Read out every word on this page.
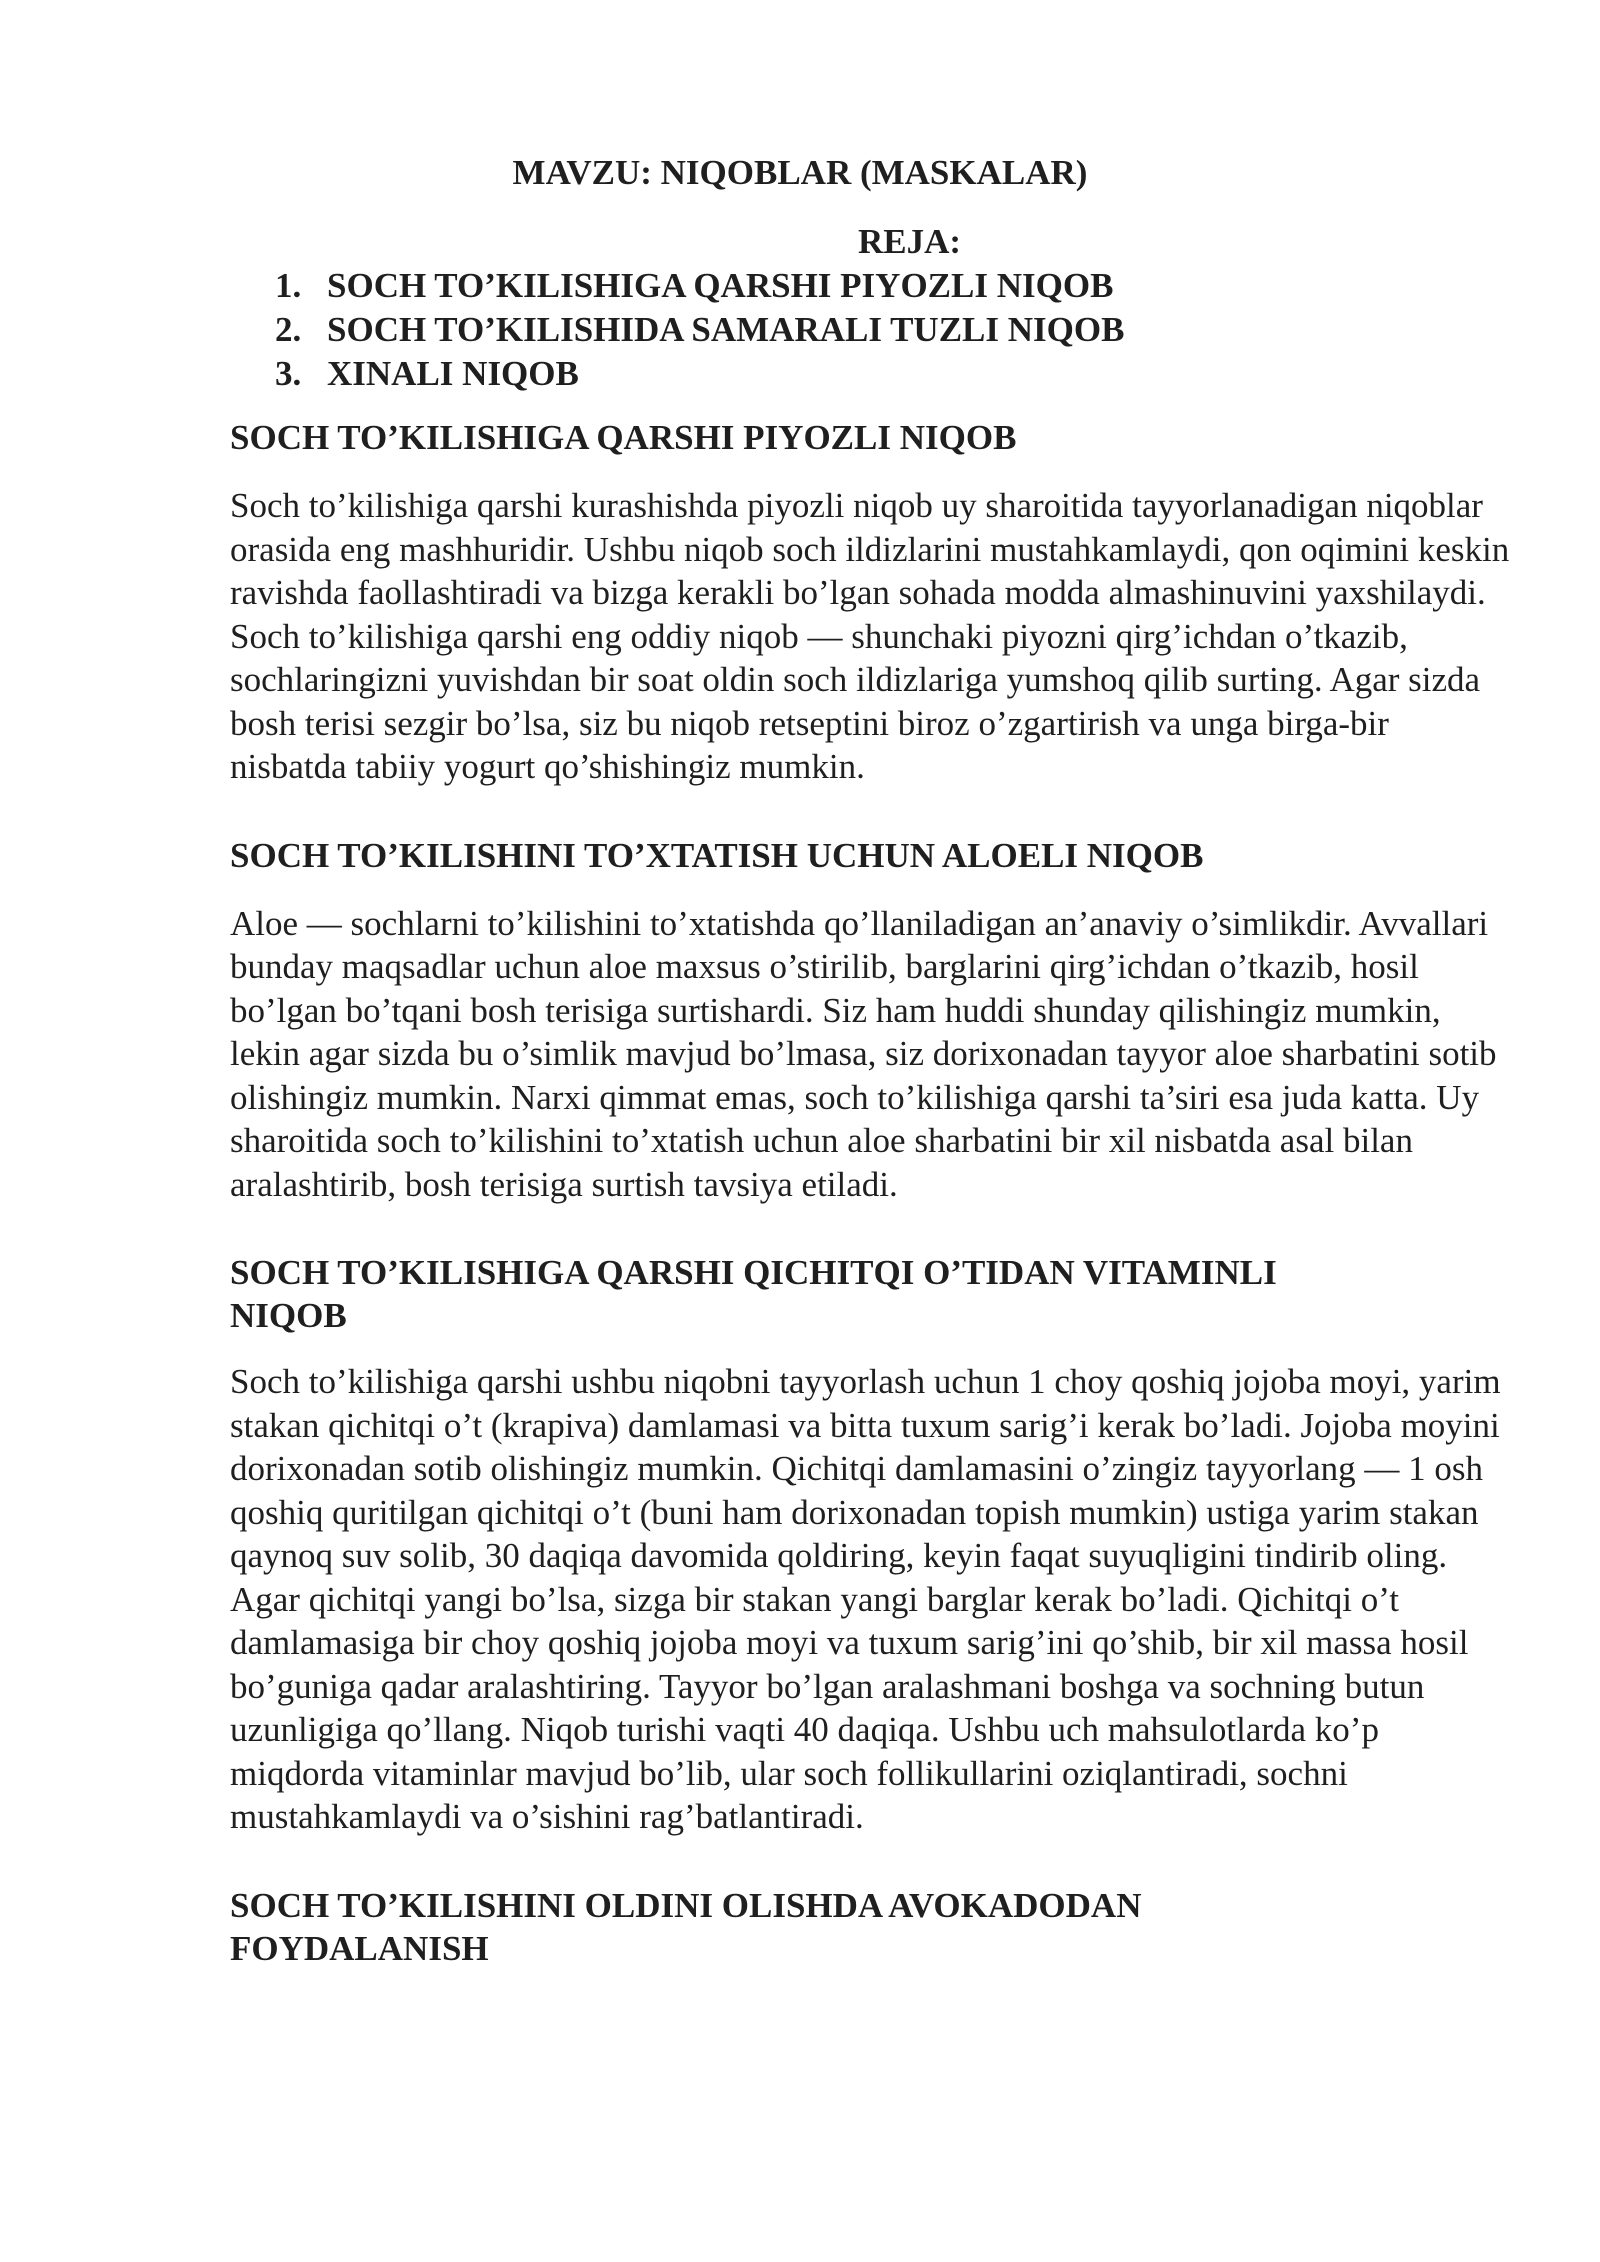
MAVZU: NIQOBLAR (MASKALAR)
REJA:
1. SOCH TO’KILISHIGA QARSHI PIYOZLI NIQOB
2. SOCH TO’KILISHIDA SAMARALI TUZLI NIQOB
3. XINALI NIQOB
SOCH TO’KILISHIGA QARSHI PIYOZLI NIQOB

Soch to’kilishiga qarshi kurashishda piyozli niqob uy sharoitida tayyorlanadigan niqoblar orasida eng mashhuridir. Ushbu niqob soch ildizlarini mustahkamlaydi, qon oqimini keskin ravishda faollashtiradi va bizga kerakli bo’lgan sohada modda almashinuvini yaxshilaydi. Soch to’kilishiga qarshi eng oddiy niqob — shunchaki piyozni qirg’ichdan o’tkazib, sochlaringizni yuvishdan bir soat oldin soch ildizlariga yumshoq qilib surting. Agar sizda bosh terisi sezgir bo’lsa, siz bu niqob retseptini biroz o’zgartirish va unga birga-bir nisbatda tabiiy yogurt qo’shishingiz mumkin.

SOCH TO’KILISHINI TO’XTATISH UCHUN ALOELI NIQOB

Aloe — sochlarni to’kilishini to’xtatishda qo’llaniladigan an’anaviy o’simlikdir. Avvallari bunday maqsadlar uchun aloe maxsus o’stirilib, barglarini qirg’ichdan o’tkazib, hosil bo’lgan bo’tqani bosh terisiga surtishardi. Siz ham huddi shunday qilishingiz mumkin, lekin agar sizda bu o’simlik mavjud bo’lmasa, siz dorixonadan tayyor aloe sharbatini sotib olishingiz mumkin. Narxi qimmat emas, soch to’kilishiga qarshi ta’siri esa juda katta. Uy sharoitida soch to’kilishini to’xtatish uchun aloe sharbatini bir xil nisbatda asal bilan aralashtirib, bosh terisiga surtish tavsiya etiladi.

SOCH TO’KILISHIGA QARSHI QICHITQI O’TIDAN VITAMINLI NIQOB

Soch to’kilishiga qarshi ushbu niqobni tayyorlash uchun 1 choy qoshiq jojoba moyi, yarim stakan qichitqi o’t (krapiva) damlamasi va bitta tuxum sarig’i kerak bo’ladi. Jojoba moyini dorixonadan sotib olishingiz mumkin. Qichitqi damlamasini o’zingiz tayyorlang — 1 osh qoshiq quritilgan qichitqi o’t (buni ham dorixonadan topish mumkin) ustiga yarim stakan qaynoq suv solib, 30 daqiqa davomida qoldiring, keyin faqat suyuqligini tindirib oling. Agar qichitqi yangi bo’lsa, sizga bir stakan yangi barglar kerak bo’ladi. Qichitqi o’t damlamasiga bir choy qoshiq jojoba moyi va tuxum sarig’ini qo’shib, bir xil massa hosil bo’guniga qadar aralashtiring. Tayyor bo’lgan aralashmani boshga va sochning butun uzunligiga qo’llang. Niqob turishi vaqti 40 daqiqa. Ushbu uch mahsulotlarda ko’p miqdorda vitaminlar mavjud bo’lib, ular soch follikullarini oziqlantiradi, sochni mustahkamlaydi va o’sishini rag’batlantiradi.

SOCH TO’KILISHINI OLDINI OLISHDA AVOKADODAN FOYDALANISH
